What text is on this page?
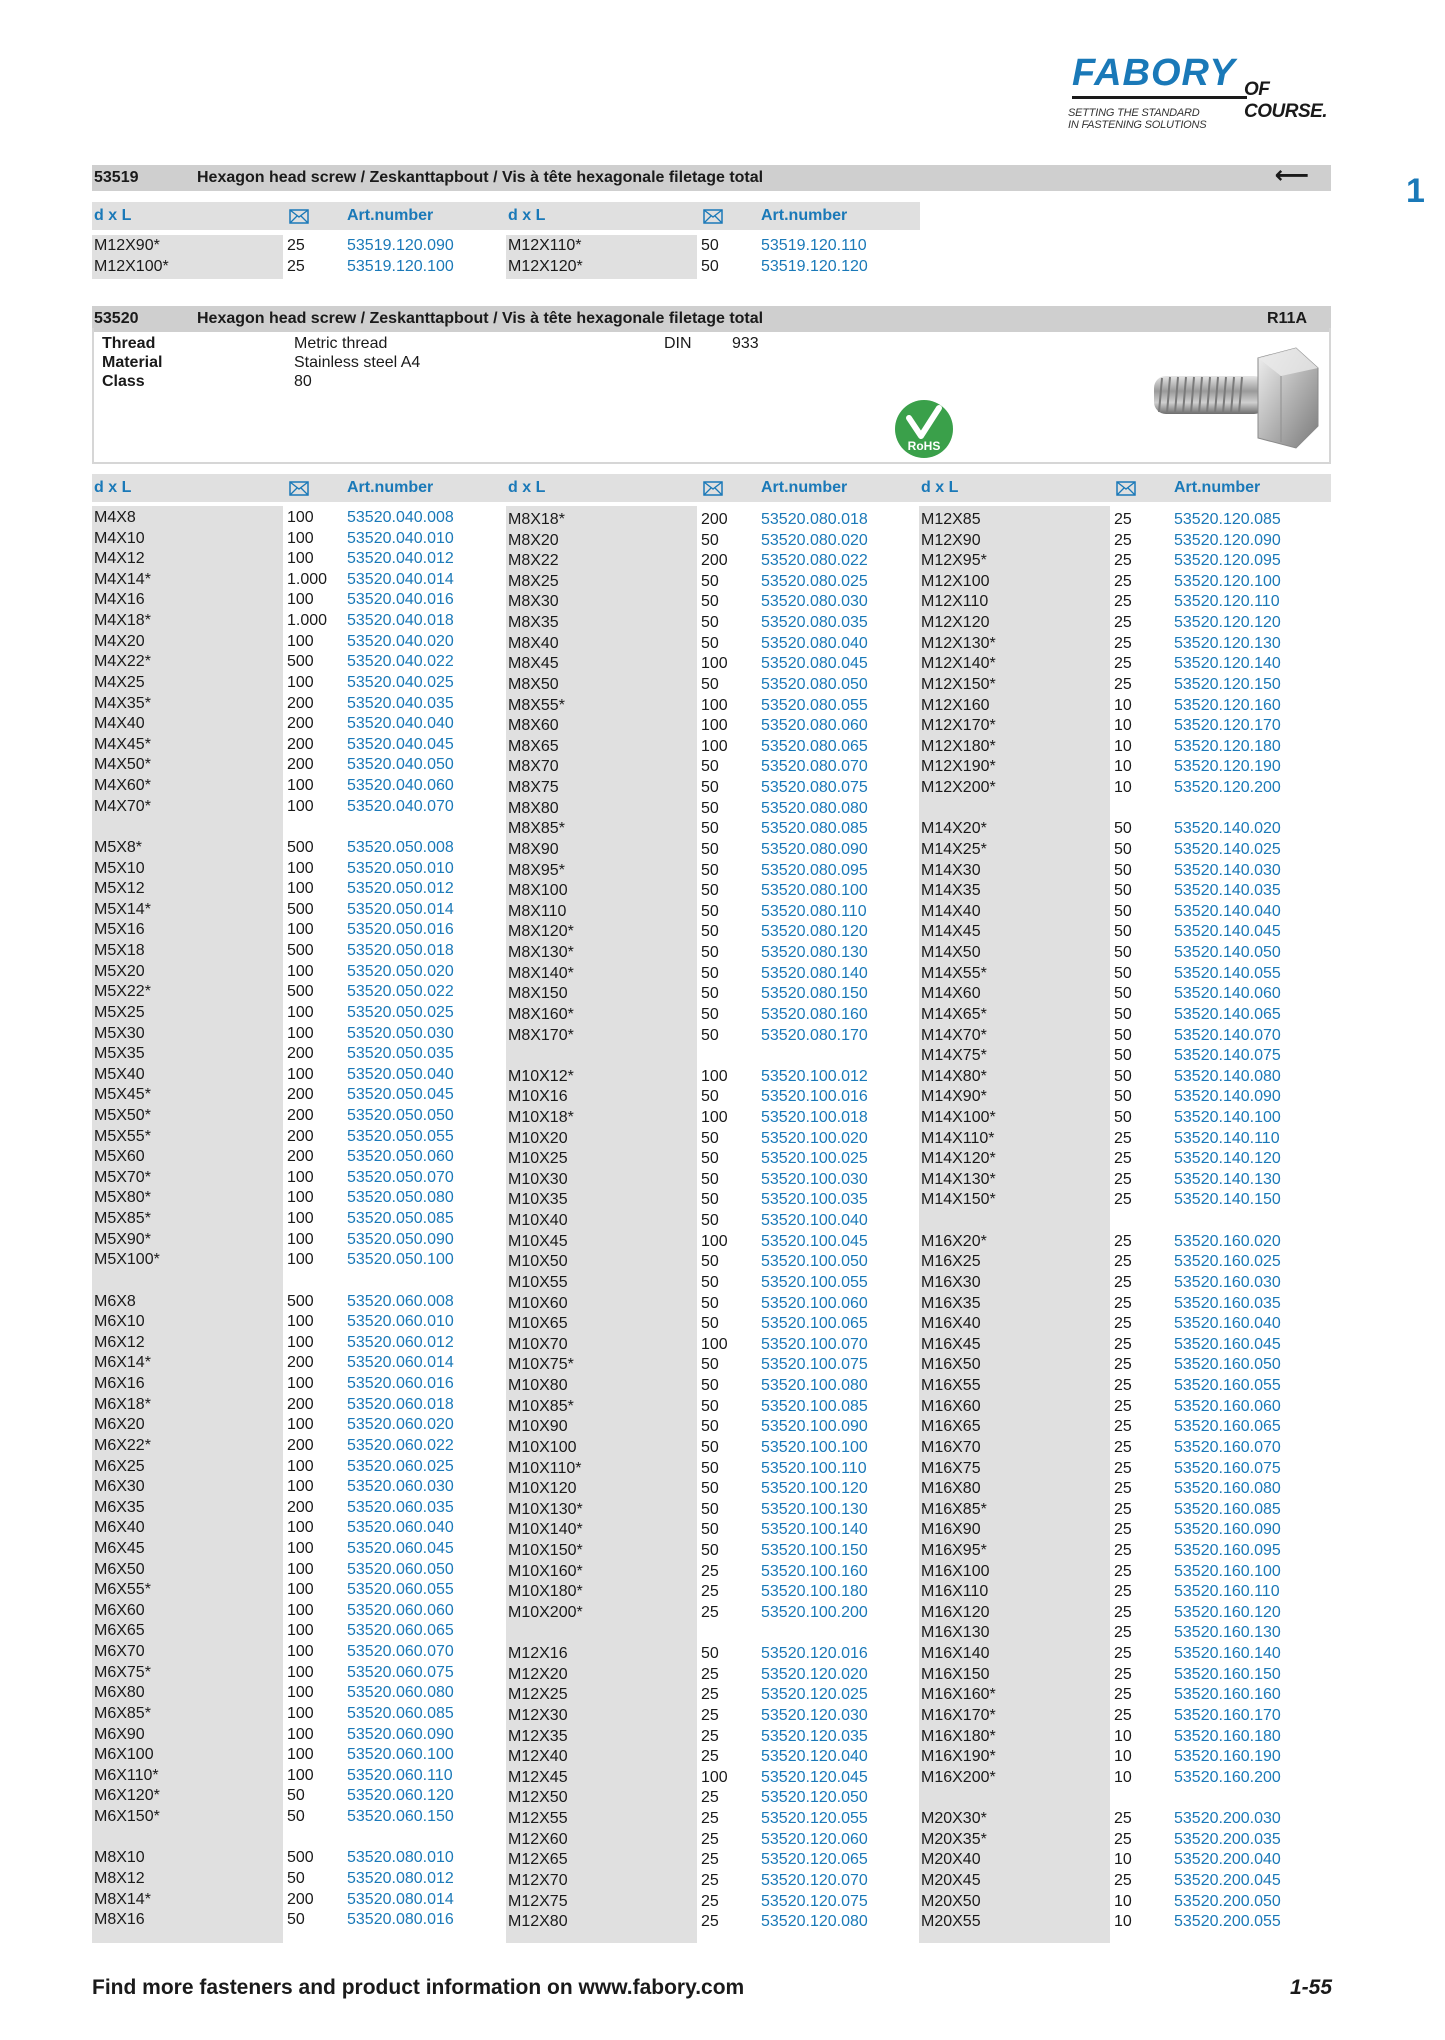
FABORY OF COURSE.
SETTING THE STANDARD
IN FASTENING SOLUTIONS
1
53519	Hexagon head screw / Zeskanttapbout / Vis à tête hexagonale filetage total	⟵
d x L	Art.number	d x L	Art.number
M12X90*	25	53519.120.090
M12X100*	25	53519.120.100
M12X110*	50	53519.120.110
M12X120*	50	53519.120.120
53520	Hexagon head screw / Zeskanttapbout / Vis à tête hexagonale filetage total	R11A
Thread	Metric thread
Material	Stainless steel A4
Class	80
DIN	933
RoHS
d x L	Art.number	d x L	Art.number	d x L	Art.number
M4X8	100 53520.040.008
M4X10	100 53520.040.010
M4X12	100 53520.040.012
M4X14*	1.000 53520.040.014
M4X16	100 53520.040.016
M4X18*	1.000 53520.040.018
M4X20	100 53520.040.020
M4X22*	500 53520.040.022
M4X25	100 53520.040.025
M4X35*	200 53520.040.035
M4X40	200 53520.040.040
M4X45*	200 53520.040.045
M4X50*	200 53520.040.050
M4X60*	100 53520.040.060
M4X70*	100 53520.040.070
M5X8*	500 53520.050.008
M5X10	100 53520.050.010
M5X12	100 53520.050.012
M5X14*	500 53520.050.014
M5X16	100 53520.050.016
M5X18	500 53520.050.018
M5X20	100 53520.050.020
M5X22*	500 53520.050.022
M5X25	100 53520.050.025
M5X30	100 53520.050.030
M5X35	200 53520.050.035
M5X40	100 53520.050.040
M5X45*	200 53520.050.045
M5X50*	200 53520.050.050
M5X55*	200 53520.050.055
M5X60	200 53520.050.060
M5X70*	100 53520.050.070
M5X80*	100 53520.050.080
M5X85*	100 53520.050.085
M5X90*	100 53520.050.090
M5X100*	100 53520.050.100
M6X8	500 53520.060.008
M6X10	100 53520.060.010
M6X12	100 53520.060.012
M6X14*	200 53520.060.014
M6X16	100 53520.060.016
M6X18*	200 53520.060.018
M6X20	100 53520.060.020
M6X22*	200 53520.060.022
M6X25	100 53520.060.025
M6X30	100 53520.060.030
M6X35	200 53520.060.035
M6X40	100 53520.060.040
M6X45	100 53520.060.045
M6X50	100 53520.060.050
M6X55*	100 53520.060.055
M6X60	100 53520.060.060
M6X65	100 53520.060.065
M6X70	100 53520.060.070
M6X75*	100 53520.060.075
M6X80	100 53520.060.080
M6X85*	100 53520.060.085
M6X90	100 53520.060.090
M6X100	100 53520.060.100
M6X110*	100 53520.060.110
M6X120*	50	53520.060.120
M6X150*	50	53520.060.150
M8X10	500 53520.080.010
M8X12	50	53520.080.012
M8X14*	200 53520.080.014
M8X16	50	53520.080.016
M8X18*	200 53520.080.018
M8X20	50	53520.080.020
M8X22	200 53520.080.022
M8X25	50	53520.080.025
M8X30	50	53520.080.030
M8X35	50	53520.080.035
M8X40	50	53520.080.040
M8X45	100 53520.080.045
M8X50	50	53520.080.050
M8X55*	100 53520.080.055
M8X60	100 53520.080.060
M8X65	100 53520.080.065
M8X70	50	53520.080.070
M8X75	50	53520.080.075
M8X80	50	53520.080.080
M8X85*	50	53520.080.085
M8X90	50	53520.080.090
M8X95*	50	53520.080.095
M8X100	50	53520.080.100
M8X110	50	53520.080.110
M8X120*	50	53520.080.120
M8X130*	50	53520.080.130
M8X140*	50	53520.080.140
M8X150	50	53520.080.150
M8X160*	50	53520.080.160
M8X170*	50	53520.080.170
M10X12*	100 53520.100.012
M10X16	50	53520.100.016
M10X18*	100 53520.100.018
M10X20	50	53520.100.020
M10X25	50	53520.100.025
M10X30	50	53520.100.030
M10X35	50	53520.100.035
M10X40	50	53520.100.040
M10X45	100 53520.100.045
M10X50	50	53520.100.050
M10X55	50	53520.100.055
M10X60	50	53520.100.060
M10X65	50	53520.100.065
M10X70	100 53520.100.070
M10X75*	50	53520.100.075
M10X80	50	53520.100.080
M10X85*	50	53520.100.085
M10X90	50	53520.100.090
M10X100	50	53520.100.100
M10X110*	50	53520.100.110
M10X120	50	53520.100.120
M10X130*	50	53520.100.130
M10X140*	50	53520.100.140
M10X150*	50	53520.100.150
M10X160*	25	53520.100.160
M10X180*	25	53520.100.180
M10X200*	25	53520.100.200
M12X16	50	53520.120.016
M12X20	25	53520.120.020
M12X25	25	53520.120.025
M12X30	25	53520.120.030
M12X35	25	53520.120.035
M12X40	25	53520.120.040
M12X45	100 53520.120.045
M12X50	25	53520.120.050
M12X55	25	53520.120.055
M12X60	25	53520.120.060
M12X65	25	53520.120.065
M12X70	25	53520.120.070
M12X75	25	53520.120.075
M12X80	25	53520.120.080
M12X85	25	53520.120.085
M12X90	25	53520.120.090
M12X95*	25	53520.120.095
M12X100	25	53520.120.100
M12X110	25	53520.120.110
M12X120	25	53520.120.120
M12X130*	25	53520.120.130
M12X140*	25	53520.120.140
M12X150*	25	53520.120.150
M12X160	10	53520.120.160
M12X170*	10	53520.120.170
M12X180*	10	53520.120.180
M12X190*	10	53520.120.190
M12X200*	10	53520.120.200
M14X20*	50	53520.140.020
M14X25*	50	53520.140.025
M14X30	50	53520.140.030
M14X35	50	53520.140.035
M14X40	50	53520.140.040
M14X45	50	53520.140.045
M14X50	50	53520.140.050
M14X55*	50	53520.140.055
M14X60	50	53520.140.060
M14X65*	50	53520.140.065
M14X70*	50	53520.140.070
M14X75*	50	53520.140.075
M14X80*	50	53520.140.080
M14X90*	50	53520.140.090
M14X100*	50	53520.140.100
M14X110*	25	53520.140.110
M14X120*	25	53520.140.120
M14X130*	25	53520.140.130
M14X150*	25	53520.140.150
M16X20*	25	53520.160.020
M16X25	25	53520.160.025
M16X30	25	53520.160.030
M16X35	25	53520.160.035
M16X40	25	53520.160.040
M16X45	25	53520.160.045
M16X50	25	53520.160.050
M16X55	25	53520.160.055
M16X60	25	53520.160.060
M16X65	25	53520.160.065
M16X70	25	53520.160.070
M16X75	25	53520.160.075
M16X80	25	53520.160.080
M16X85*	25	53520.160.085
M16X90	25	53520.160.090
M16X95*	25	53520.160.095
M16X100	25	53520.160.100
M16X110	25	53520.160.110
M16X120	25	53520.160.120
M16X130	25	53520.160.130
M16X140	25	53520.160.140
M16X150	25	53520.160.150
M16X160*	25	53520.160.160
M16X170*	25	53520.160.170
M16X180*	10	53520.160.180
M16X190*	10	53520.160.190
M16X200*	10	53520.160.200
M20X30*	25	53520.200.030
M20X35*	25	53520.200.035
M20X40	10	53520.200.040
M20X45	25	53520.200.045
M20X50	10	53520.200.050
M20X55	10	53520.200.055
Find more fasteners and product information on www.fabory.com	1-55
